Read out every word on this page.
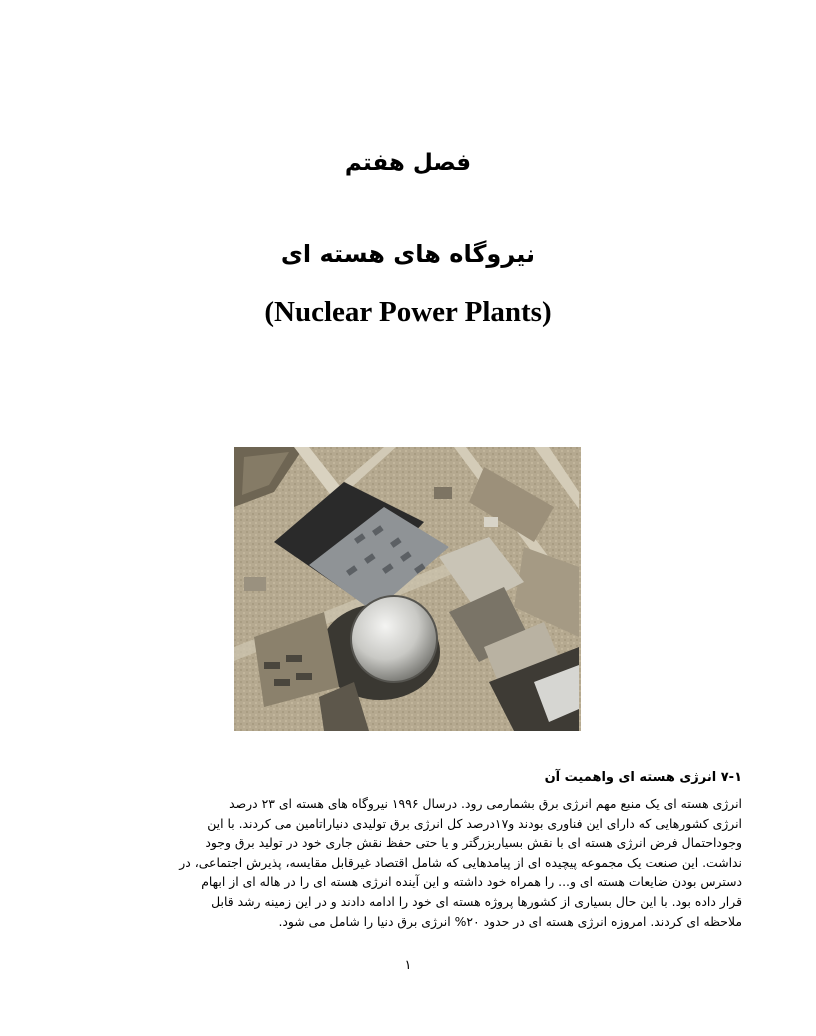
فصل هفتم
نیروگاه های هسته ای
(Nuclear Power Plants)
۷-۱ انرژی هسته ای واهمیت آن
انرژی هسته ای یک منبع مهم انرژی برق بشمارمی رود. درسال ۱۹۹۶ نیروگاه های هسته ای ۲۳ درصد
انرژی کشورهایی که دارای این فناوری بودند و۱۷درصد کل انرژی برق تولیدی دنیاراتامین می کردند. با این
وجوداحتمال فرض انرژی هسته ای با نقش بسیاربزرگتر و یا حتی حفظ نقش جاری خود در تولید برق وجود
نداشت. این صنعت یک مجموعه پیچیده ای از پیامدهایی که شامل اقتصاد غیرقابل مقایسه، پذیرش اجتماعی، در
دسترس بودن ضایعات هسته ای و... را همراه خود داشته و این آینده انرژی هسته ای را در هاله ای از ابهام
قرار داده بود. با این حال بسیاری از کشورها پروژه هسته ای خود را ادامه دادند و در این زمینه رشد قابل
ملاحظه ای کردند. امروزه انرژی هسته ای در حدود ۲۰% انرژی برق دنیا را شامل می شود.
۱
